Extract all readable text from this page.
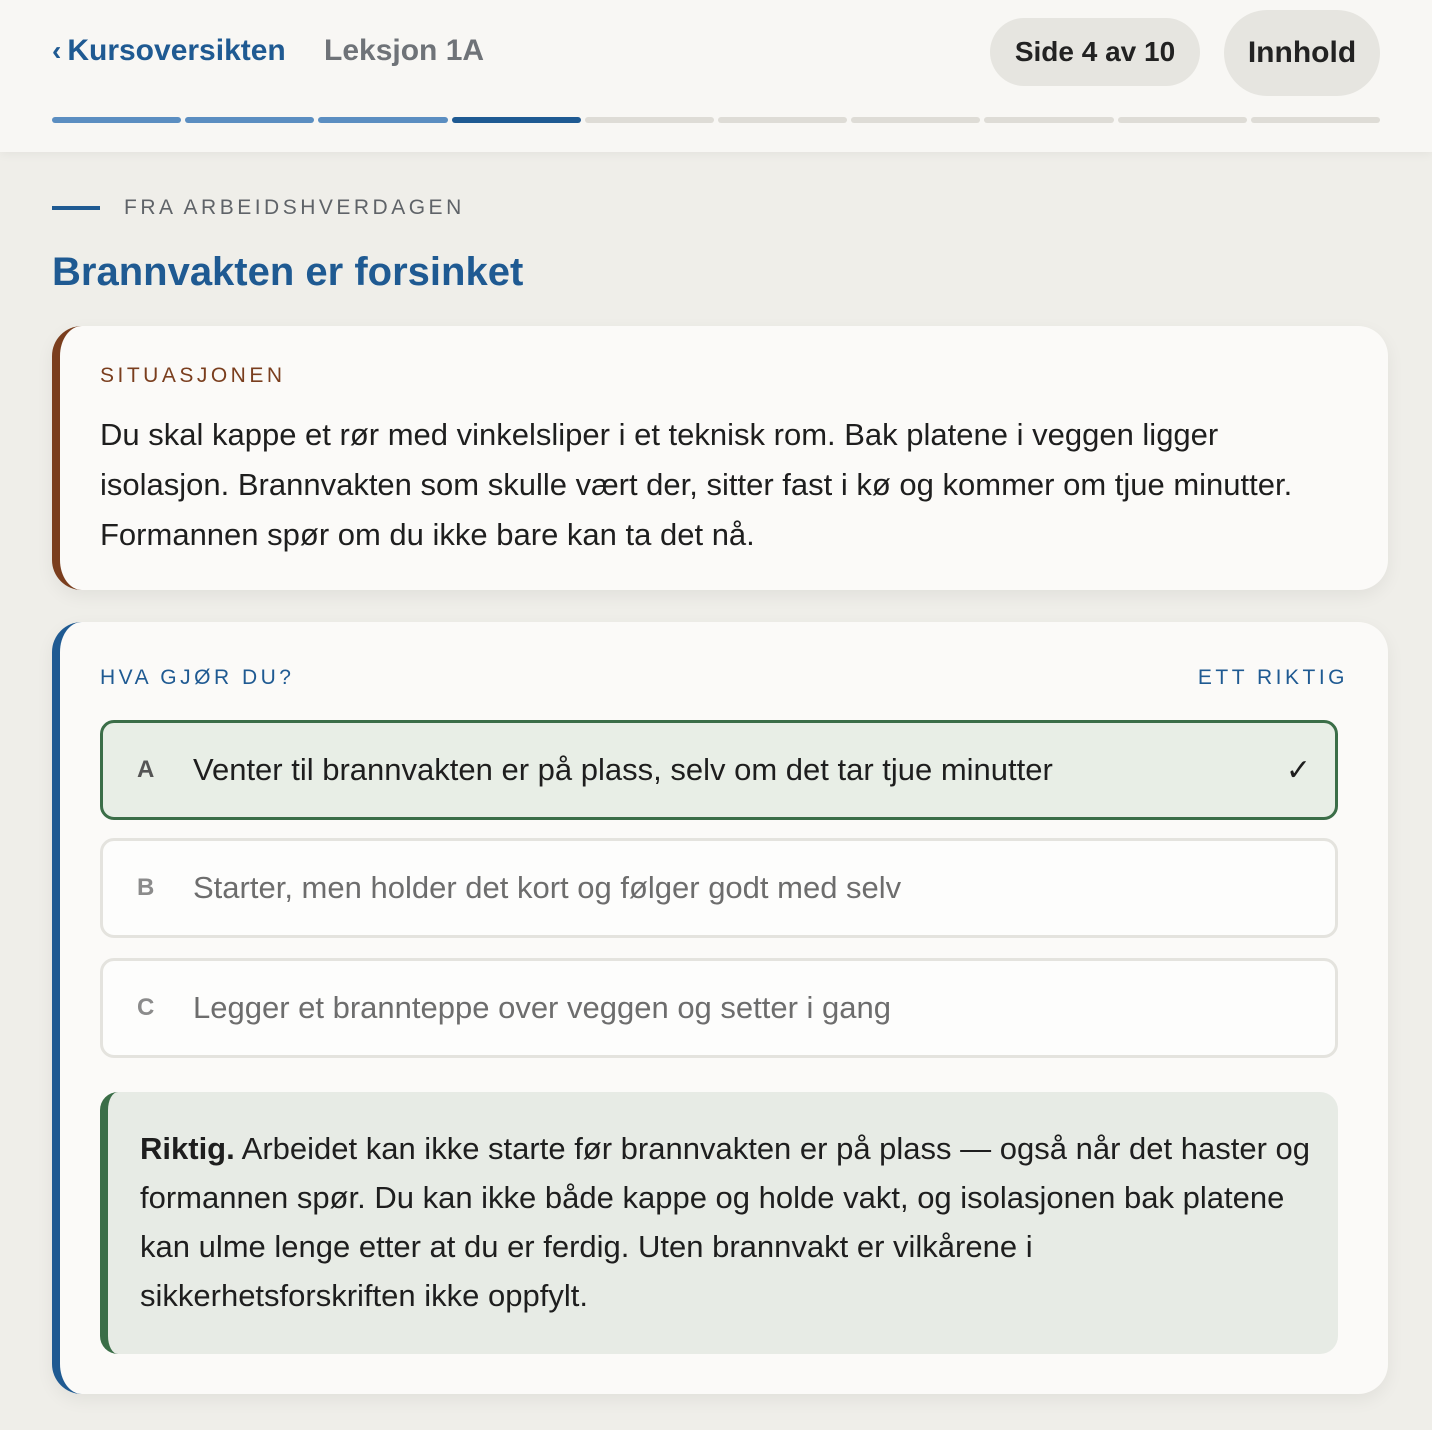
‹ Kursoversikten Leksjon 1A	Side 4 av 10	Innhold
FRA ARBEIDSHVERDAGEN
Brannvakten er forsinket
SITUASJONEN

Du skal kappe et rør med vinkelsliper i et teknisk rom. Bak platene i veggen ligger isolasjon. Brannvakten som skulle vært der, sitter fast i kø og kommer om tjue minutter. Formannen spør om du ikke bare kan ta det nå.

HVA GJØR DU?	ETT RIKTIG
A Venter til brannvakten er på plass, selv om det tar tjue minutter	✓
B Starter, men holder det kort og følger godt med selv
C Legger et brannteppe over veggen og setter i gang

Riktig. Arbeidet kan ikke starte før brannvakten er på plass — også når det haster og formannen spør. Du kan ikke både kappe og holde vakt, og isolasjonen bak platene kan ulme lenge etter at du er ferdig. Uten brannvakt er vilkårene i sikkerhetsforskriften ikke oppfylt.
